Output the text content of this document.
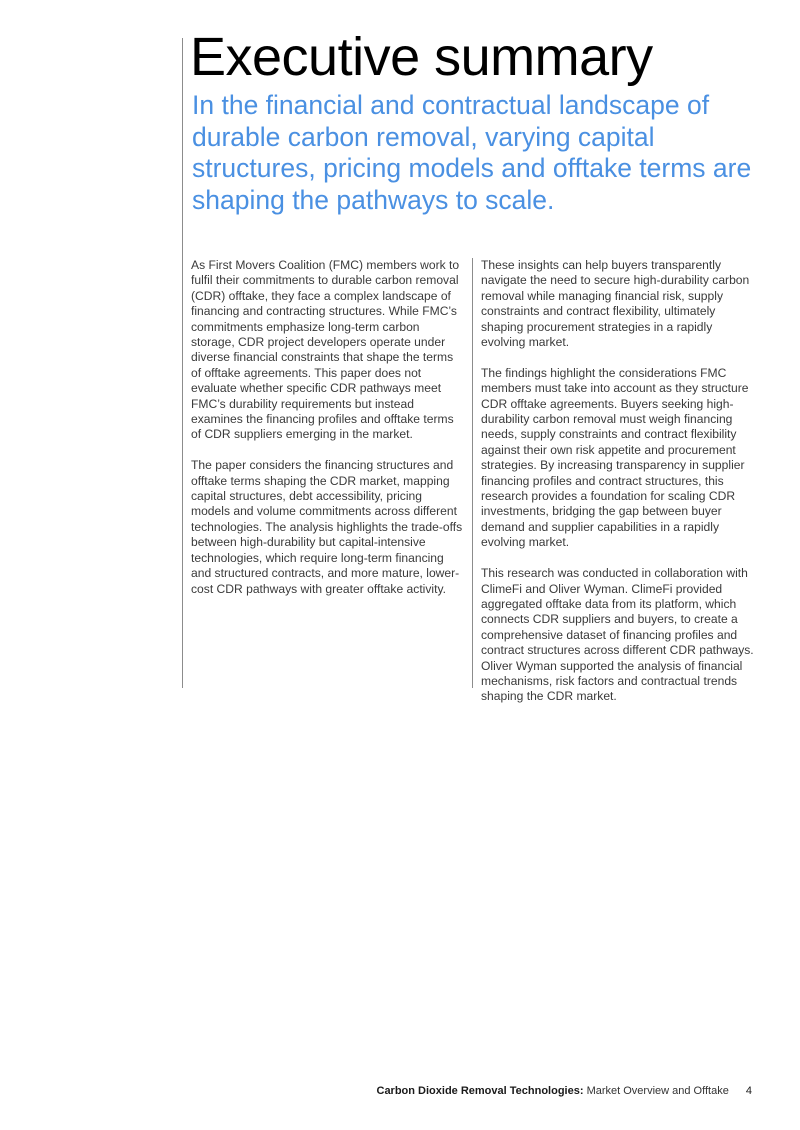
Executive summary
In the financial and contractual landscape of durable carbon removal, varying capital structures, pricing models and offtake terms are shaping the pathways to scale.

As First Movers Coalition (FMC) members work to fulfil their commitments to durable carbon removal (CDR) offtake, they face a complex landscape of financing and contracting structures. While FMC’s commitments emphasize long-term carbon storage, CDR project developers operate under diverse financial constraints that shape the terms of offtake agreements. This paper does not evaluate whether specific CDR pathways meet FMC’s durability requirements but instead examines the financing profiles and offtake terms of CDR suppliers emerging in the market.

The paper considers the financing structures and offtake terms shaping the CDR market, mapping capital structures, debt accessibility, pricing models and volume commitments across different technologies. The analysis highlights the trade-offs between high-durability but capital-intensive technologies, which require long-term financing and structured contracts, and more mature, lower-cost CDR pathways with greater offtake activity.

These insights can help buyers transparently navigate the need to secure high-durability carbon removal while managing financial risk, supply constraints and contract flexibility, ultimately shaping procurement strategies in a rapidly evolving market.

The findings highlight the considerations FMC members must take into account as they structure CDR offtake agreements. Buyers seeking high-durability carbon removal must weigh financing needs, supply constraints and contract flexibility against their own risk appetite and procurement strategies. By increasing transparency in supplier financing profiles and contract structures, this research provides a foundation for scaling CDR investments, bridging the gap between buyer demand and supplier capabilities in a rapidly evolving market.

This research was conducted in collaboration with ClimeFi and Oliver Wyman. ClimeFi provided aggregated offtake data from its platform, which connects CDR suppliers and buyers, to create a comprehensive dataset of financing profiles and contract structures across different CDR pathways. Oliver Wyman supported the analysis of financial mechanisms, risk factors and contractual trends shaping the CDR market.

Carbon Dioxide Removal Technologies: Market Overview and Offtake 4
